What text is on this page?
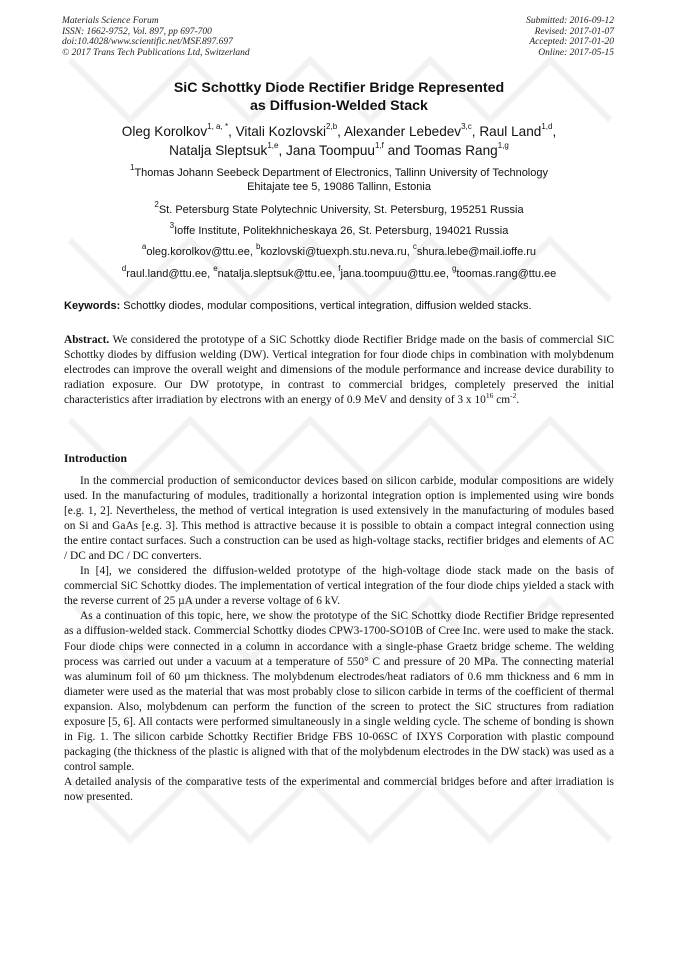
Materials Science Forum
ISSN: 1662-9752, Vol. 897, pp 697-700
doi:10.4028/www.scientific.net/MSF.897.697
© 2017 Trans Tech Publications Ltd, Switzerland
Submitted: 2016-09-12
Revised: 2017-01-07
Accepted: 2017-01-20
Online: 2017-05-15
SiC Schottky Diode Rectifier Bridge Represented
as Diffusion-Welded Stack
Oleg Korolkov$^{1, a, *}$, Vitali Kozlovski$^{2,b}$, Alexander Lebedev$^{3,c}$, Raul Land$^{1,d}$,
Natalja Sleptsuk$^{1,e}$, Jana Toompuu$^{1,f}$ and Toomas Rang$^{1,g}$
$^1$Thomas Johann Seebeck Department of Electronics, Tallinn University of Technology
Ehitajate tee 5, 19086 Tallinn, Estonia
$^2$St. Petersburg State Polytechnic University, St. Petersburg, 195251 Russia
$^3$Ioffe Institute, Politekhnicheskaya 26, St. Petersburg, 194021 Russia
$^a$oleg.korolkov@ttu.ee, $^b$kozlovski@tuexph.stu.neva.ru, $^c$shura.lebe@mail.ioffe.ru
$^d$raul.land@ttu.ee, $^e$natalja.sleptsuk@ttu.ee, $^f$jana.toompuu@ttu.ee, $^g$toomas.rang@ttu.ee
Keywords: Schottky diodes, modular compositions, vertical integration, diffusion welded stacks.
Abstract. We considered the prototype of a SiC Schottky diode Rectifier Bridge made on the basis of commercial SiC Schottky diodes by diffusion welding (DW). Vertical integration for four diode chips in combination with molybdenum electrodes can improve the overall weight and dimensions of the module performance and increase device durability to radiation exposure. Our DW prototype, in contrast to commercial bridges, completely preserved the initial characteristics after irradiation by electrons with an energy of 0.9 MeV and density of 3 x $10^{16}$ $cm^{-2}$.
Introduction

In the commercial production of semiconductor devices based on silicon carbide, modular compositions are widely used. In the manufacturing of modules, traditionally a horizontal integration option is implemented using wire bonds [e.g. 1, 2]. Nevertheless, the method of vertical integration is used extensively in the manufacturing of modules based on Si and GaAs [e.g. 3]. This method is attractive because it is possible to obtain a compact integral connection using the entire contact surfaces. Such a construction can be used as high-voltage stacks, rectifier bridges and elements of AC / DC and DC / DC converters.

In [4], we considered the diffusion-welded prototype of the high-voltage diode stack made on the basis of commercial SiC Schottky diodes. The implementation of vertical integration of the four diode chips yielded a stack with the reverse current of 25 µA under a reverse voltage of 6 kV.

As a continuation of this topic, here, we show the prototype of the SiC Schottky diode Rectifier Bridge represented as a diffusion-welded stack. Commercial Schottky diodes CPW3-1700-SO10B of Cree Inc. were used to make the stack. Four diode chips were connected in a column in accordance with a single-phase Graetz bridge scheme. The welding process was carried out under a vacuum at a temperature of 550° C and pressure of 20 MPa. The connecting material was aluminum foil of 60 µm thickness. The molybdenum electrodes/heat radiators of 0.6 mm thickness and 6 mm in diameter were used as the material that was most probably close to silicon carbide in terms of the coefficient of thermal expansion. Also, molybdenum can perform the function of the screen to protect the SiC structures from radiation exposure [5, 6]. All contacts were performed simultaneously in a single welding cycle. The scheme of bonding is shown in Fig. 1. The silicon carbide Schottky Rectifier Bridge FBS 10-06SC of IXYS Corporation with plastic compound packaging (the thickness of the plastic is aligned with that of the molybdenum electrodes in the DW stack) was used as a control sample.

A detailed analysis of the comparative tests of the experimental and commercial bridges before and after irradiation is now presented.
